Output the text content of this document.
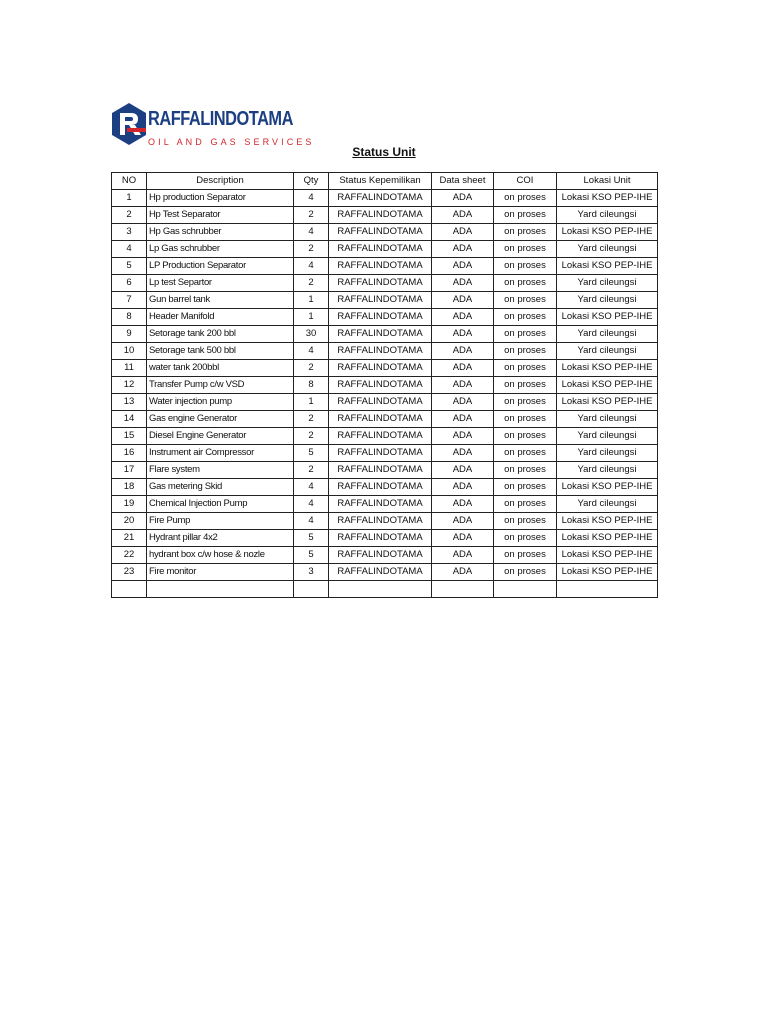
RAFFALINDOTAMA
OIL AND GAS SERVICES
Status Unit
NO	Description	Qty	Status Kepemilikan	Data sheet	COI	Lokasi Unit
1	Hp production Separator	4	RAFFALINDOTAMA	ADA	on proses	Lokasi KSO PEP-IHE
2	Hp Test Separator	2	RAFFALINDOTAMA	ADA	on proses	Yard cileungsi
3	Hp Gas schrubber	4	RAFFALINDOTAMA	ADA	on proses	Lokasi KSO PEP-IHE
4	Lp Gas schrubber	2	RAFFALINDOTAMA	ADA	on proses	Yard cileungsi
5	LP Production Separator	4	RAFFALINDOTAMA	ADA	on proses	Lokasi KSO PEP-IHE
6	Lp test Separtor	2	RAFFALINDOTAMA	ADA	on proses	Yard cileungsi
7	Gun barrel tank	1	RAFFALINDOTAMA	ADA	on proses	Yard cileungsi
8	Header Manifold	1	RAFFALINDOTAMA	ADA	on proses	Lokasi KSO PEP-IHE
9	Setorage tank 200 bbl	30	RAFFALINDOTAMA	ADA	on proses	Yard cileungsi
10	Setorage tank 500 bbl	4	RAFFALINDOTAMA	ADA	on proses	Yard cileungsi
11	water tank 200bbl	2	RAFFALINDOTAMA	ADA	on proses	Lokasi KSO PEP-IHE
12	Transfer Pump c/w VSD	8	RAFFALINDOTAMA	ADA	on proses	Lokasi KSO PEP-IHE
13	Water injection pump	1	RAFFALINDOTAMA	ADA	on proses	Lokasi KSO PEP-IHE
14	Gas engine Generator	2	RAFFALINDOTAMA	ADA	on proses	Yard cileungsi
15	Diesel Engine Generator	2	RAFFALINDOTAMA	ADA	on proses	Yard cileungsi
16	Instrument air Compressor	5	RAFFALINDOTAMA	ADA	on proses	Yard cileungsi
17	Flare system	2	RAFFALINDOTAMA	ADA	on proses	Yard cileungsi
18	Gas metering Skid	4	RAFFALINDOTAMA	ADA	on proses	Lokasi KSO PEP-IHE
19	Chemical Injection Pump	4	RAFFALINDOTAMA	ADA	on proses	Yard cileungsi
20	Fire Pump	4	RAFFALINDOTAMA	ADA	on proses	Lokasi KSO PEP-IHE
21	Hydrant pillar 4x2	5	RAFFALINDOTAMA	ADA	on proses	Lokasi KSO PEP-IHE
22	hydrant box c/w hose & nozle	5	RAFFALINDOTAMA	ADA	on proses	Lokasi KSO PEP-IHE
23	Fire monitor	3	RAFFALINDOTAMA	ADA	on proses	Lokasi KSO PEP-IHE
